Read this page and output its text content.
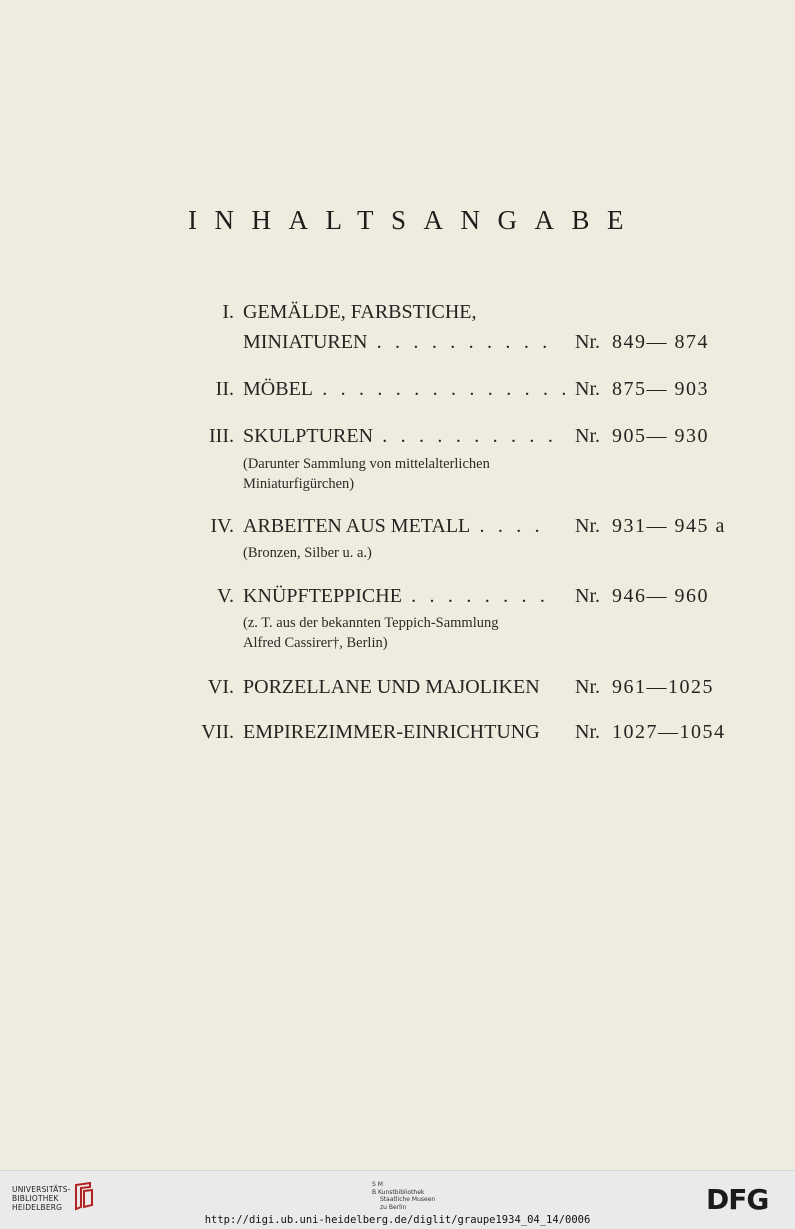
INHALTSANGABE
I. GEMÄLDE, FARBSTICHE,
MINIATUREN . . . . . . . . . . Nr. 849— 874
II. MÖBEL . . . . . . . . . . . . . . Nr. 875— 903
III. SKULPTUREN . . . . . . . . . . Nr. 905— 930
(Darunter Sammlung von mittelalterlichen
Miniaturfigürchen)
IV. ARBEITEN AUS METALL . . . . Nr. 931— 945 a
(Bronzen, Silber u. a.)
V. KNÜPFTEPPICHE . . . . . . . . Nr. 946— 960
(z. T. aus der bekannten Teppich-Sammlung
Alfred Cassirer†, Berlin)
VI. PORZELLANE UND MAJOLIKEN Nr. 961—1025
VII. EMPIREZIMMER-EINRICHTUNG Nr. 1027—1054
UNIVERSITÄTS-
BIBLIOTHEK
HEIDELBERG
S M
B Kunstbibliothek
Staatliche Museen
zu Berlin	DFG
http://digi.ub.uni-heidelberg.de/diglit/graupe1934_04_14/0006
